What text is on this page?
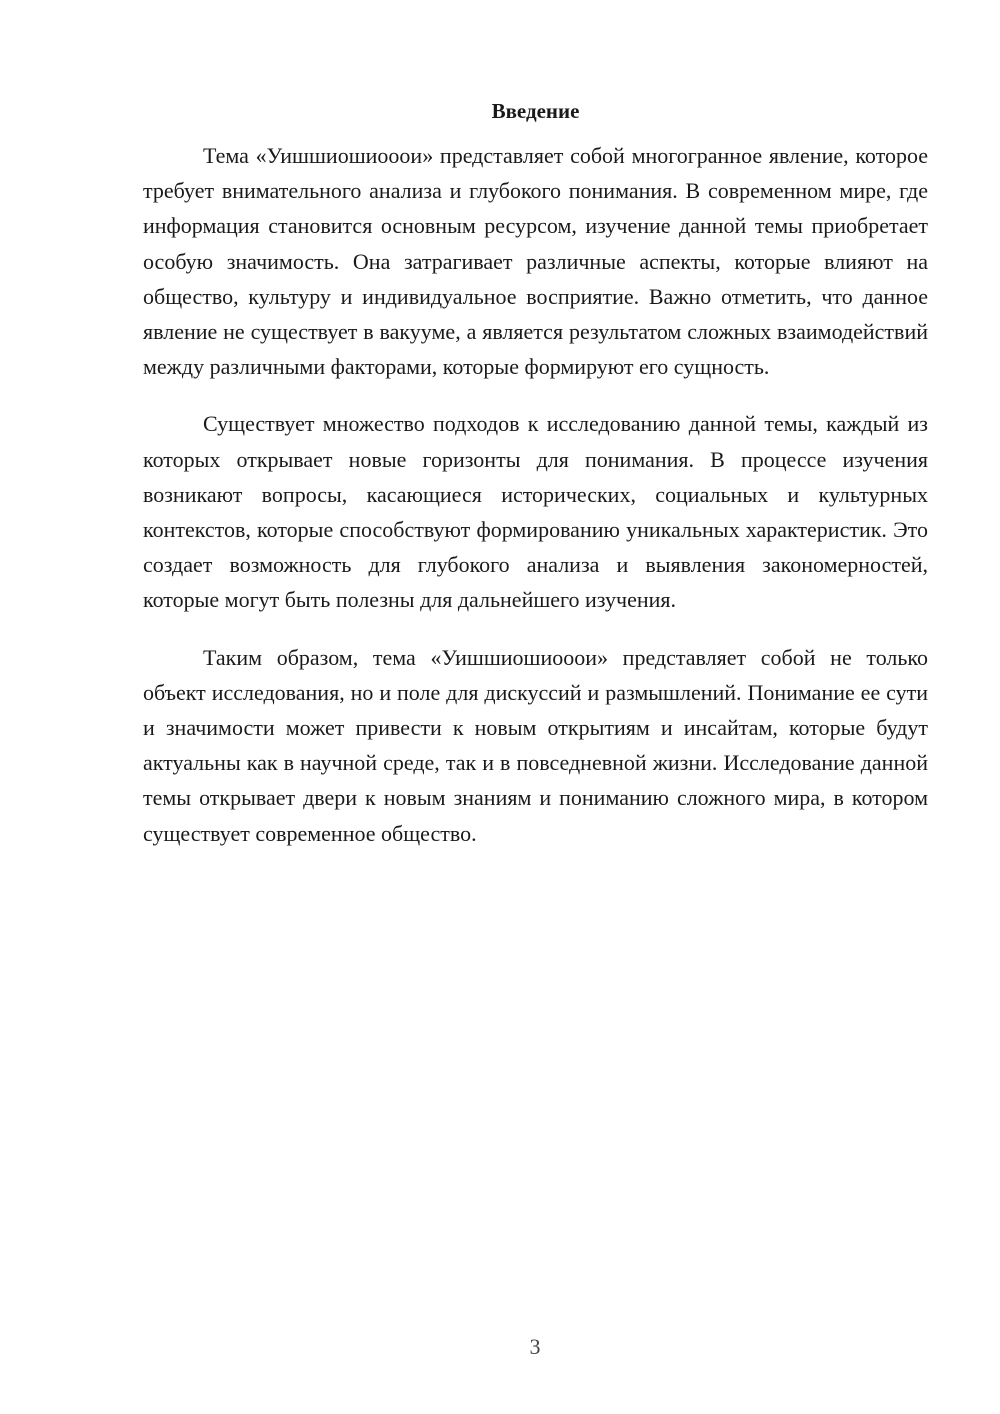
Введение

Тема «Уишшиошиооои» представляет собой многогранное явление, которое требует внимательного анализа и глубокого понимания. В современном мире, где информация становится основным ресурсом, изучение данной темы приобретает особую значимость. Она затрагивает различные аспекты, которые влияют на общество, культуру и индивидуальное восприятие. Важно отметить, что данное явление не существует в вакууме, а является результатом сложных взаимодействий между различными факторами, которые формируют его сущность.

Существует множество подходов к исследованию данной темы, каждый из которых открывает новые горизонты для понимания. В процессе изучения возникают вопросы, касающиеся исторических, социальных и культурных контекстов, которые способствуют формированию уникальных характеристик. Это создает возможность для глубокого анализа и выявления закономерностей, которые могут быть полезны для дальнейшего изучения.

Таким образом, тема «Уишшиошиооои» представляет собой не только объект исследования, но и поле для дискуссий и размышлений. Понимание ее сути и значимости может привести к новым открытиям и инсайтам, которые будут актуальны как в научной среде, так и в повседневной жизни. Исследование данной темы открывает двери к новым знаниям и пониманию сложного мира, в котором существует современное общество.

3
